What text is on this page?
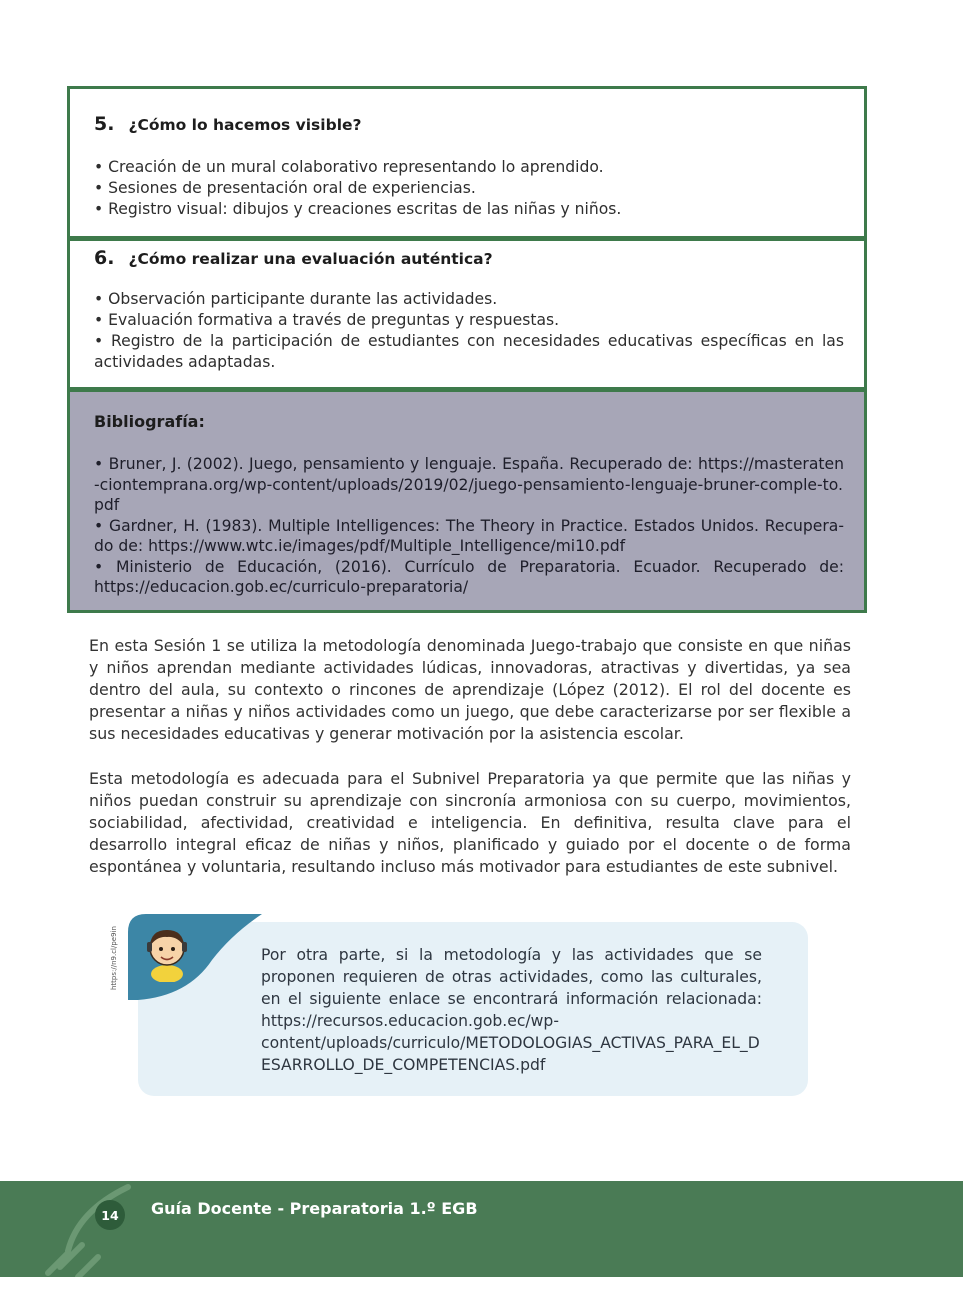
5. ¿Cómo lo hacemos visible?

• Creación de un mural colaborativo representando lo aprendido.

• Sesiones de presentación oral de experiencias.

• Registro visual: dibujos y creaciones escritas de las niñas y niños.

6. ¿Cómo realizar una evaluación auténtica?

• Observación participante durante las actividades.

• Evaluación formativa a través de preguntas y respuestas.

• Registro de la participación de estudiantes con necesidades educativas específicas en las actividades adaptadas.

Bibliografía:

• Bruner, J. (2002). Juego, pensamiento y lenguaje. España. Recuperado de: https://masteraten-ciontemprana.org/wp-content/uploads/2019/02/juego-pensamiento-lenguaje-bruner-comple-to.pdf

• Gardner, H. (1983). Multiple Intelligences: The Theory in Practice. Estados Unidos. Recupera-do de: https://www.wtc.ie/images/pdf/Multiple_Intelligence/mi10.pdf

• Ministerio de Educación, (2016). Currículo de Preparatoria. Ecuador. Recuperado de: https://educacion.gob.ec/curriculo-preparatoria/

En esta Sesión 1 se utiliza la metodología denominada Juego-trabajo que consiste en que niñas y niños aprendan mediante actividades lúdicas, innovadoras, atractivas y divertidas, ya sea dentro del aula, su contexto o rincones de aprendizaje (López (2012). El rol del docente es presentar a niñas y niños actividades como un juego, que debe caracterizarse por ser flexible a sus necesidades educativas y generar motivación por la asistencia escolar.

Esta metodología es adecuada para el Subnivel Preparatoria ya que permite que las niñas y niños puedan construir su aprendizaje con sincronía armoniosa con su cuerpo, movimientos, sociabilidad, afectividad, creatividad e inteligencia. En definitiva, resulta clave para el desarrollo integral eficaz de niñas y niños, planificado y guiado por el docente o de forma espontánea y voluntaria, resultando incluso más motivador para estudiantes de este subnivel.

https://n9.cl/pe9in	Por otra parte, si la metodología y las actividades que se proponen requieren de otras actividades, como las culturales, en el siguiente enlace se encontrará información relacionada: https://recursos.educacion.gob.ec/wp-content/uploads/curriculo/METODOLOGIAS_ACTIVAS_PARA_EL_DESARROLLO_DE_COMPETENCIAS.pdf

14	Guía Docente - Preparatoria 1.º EGB
